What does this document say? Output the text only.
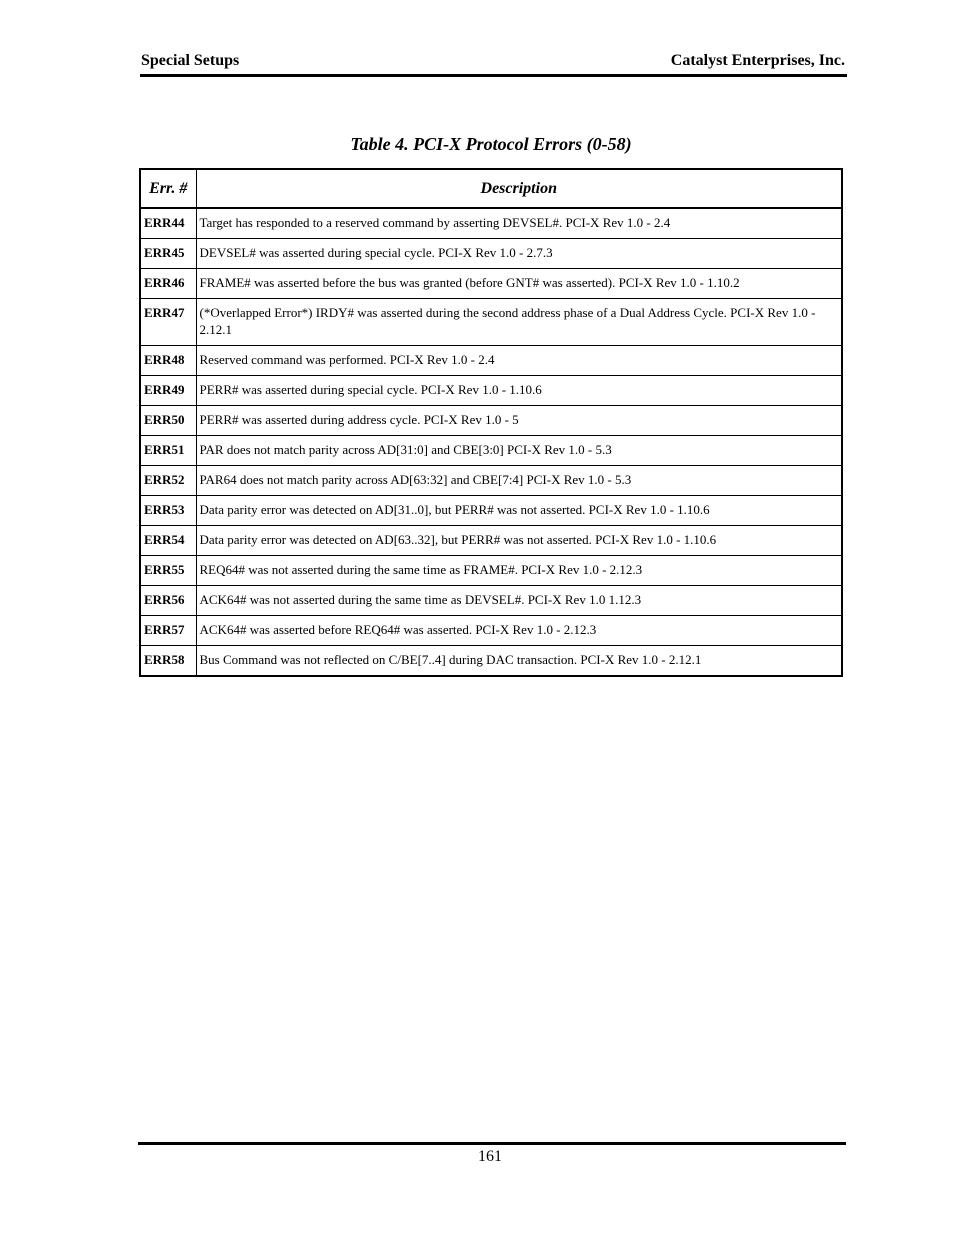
Special Setups	Catalyst Enterprises, Inc.
Table 4. PCI-X Protocol Errors (0-58)
Err. #	Description
ERR44	Target has responded to a reserved command by asserting DEVSEL#. PCI-X Rev 1.0 - 2.4
ERR45	DEVSEL# was asserted during special cycle. PCI-X Rev 1.0 - 2.7.3
ERR46	FRAME# was asserted before the bus was granted (before GNT# was asserted). PCI-X Rev 1.0 - 1.10.2
ERR47	(*Overlapped Error*) IRDY# was asserted during the second address phase of a Dual Address Cycle. PCI-X Rev 1.0 - 2.12.1
ERR48	Reserved command was performed. PCI-X Rev 1.0 - 2.4
ERR49	PERR# was asserted during special cycle. PCI-X Rev 1.0 - 1.10.6
ERR50	PERR# was asserted during address cycle. PCI-X Rev 1.0 - 5
ERR51	PAR does not match parity across AD[31:0] and CBE[3:0] PCI-X Rev 1.0 - 5.3
ERR52	PAR64 does not match parity across AD[63:32] and CBE[7:4] PCI-X Rev 1.0 - 5.3
ERR53	Data parity error was detected on AD[31..0], but PERR# was not asserted. PCI-X Rev 1.0 - 1.10.6
ERR54	Data parity error was detected on AD[63..32], but PERR# was not asserted. PCI-X Rev 1.0 - 1.10.6
ERR55	REQ64# was not asserted during the same time as FRAME#. PCI-X Rev 1.0 - 2.12.3
ERR56	ACK64# was not asserted during the same time as DEVSEL#. PCI-X Rev 1.0 1.12.3
ERR57	ACK64# was asserted before REQ64# was asserted. PCI-X Rev 1.0 - 2.12.3
ERR58	Bus Command was not reflected on C/BE[7..4] during DAC transaction. PCI-X Rev 1.0 - 2.12.1
161
